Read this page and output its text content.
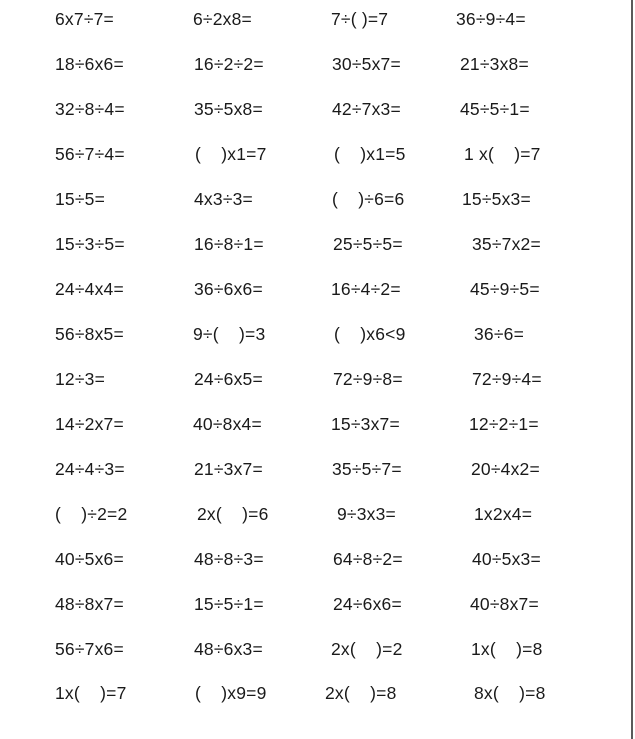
6x7÷7=	6÷2x8=	7÷( )=7	36÷9÷4=
18÷6x6=	16÷2÷2=	30÷5x7=	21÷3x8=
32÷8÷4=	35÷5x8=	42÷7x3=	45÷5÷1=
56÷7÷4=	(    )x1=7	(    )x1=5	1 x(    )=7
15÷5=	4x3÷3=	(    )÷6=6	15÷5x3=
15÷3÷5=	16÷8÷1=	25÷5÷5=	35÷7x2=
24÷4x4=	36÷6x6=	16÷4÷2=	45÷9÷5=
56÷8x5=	9÷(    )=3	(    )x6<9	36÷6=
12÷3=	24÷6x5=	72÷9÷8=	72÷9÷4=
14÷2x7=	40÷8x4=	15÷3x7=	12÷2÷1=
24÷4÷3=	21÷3x7=	35÷5÷7=	20÷4x2=
(    )÷2=2	2x(    )=6	9÷3x3=	1x2x4=
40÷5x6=	48÷8÷3=	64÷8÷2=	40÷5x3=
48÷8x7=	15÷5÷1=	24÷6x6=	40÷8x7=
56÷7x6=	48÷6x3=	2x(    )=2	1x(    )=8
1x(    )=7	(    )x9=9	2x(    )=8	8x(    )=8
